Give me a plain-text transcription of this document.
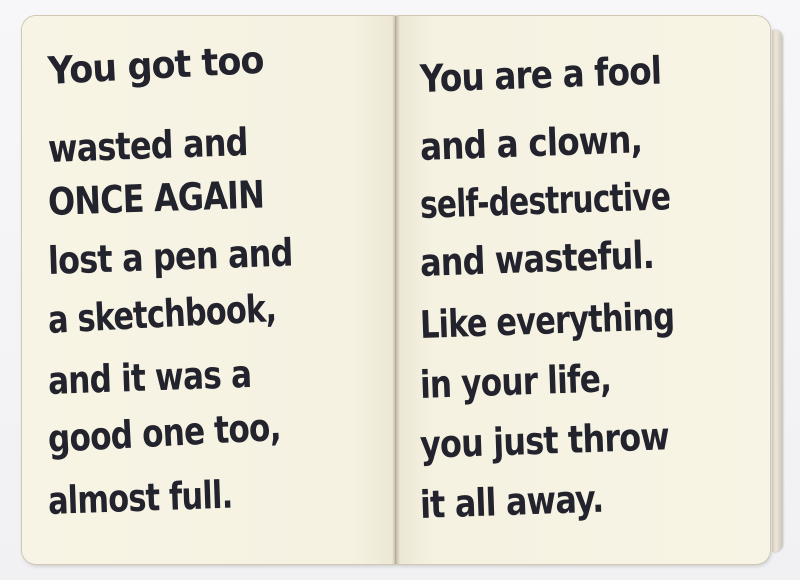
You got too
wasted and
ONCE AGAIN
lost a pen and
a sketchbook,
and it was a
good one too,
almost full.
You are a fool
and a clown,
self-destructive
and wasteful.
Like everything
in your life,
you just throw
it all away.
